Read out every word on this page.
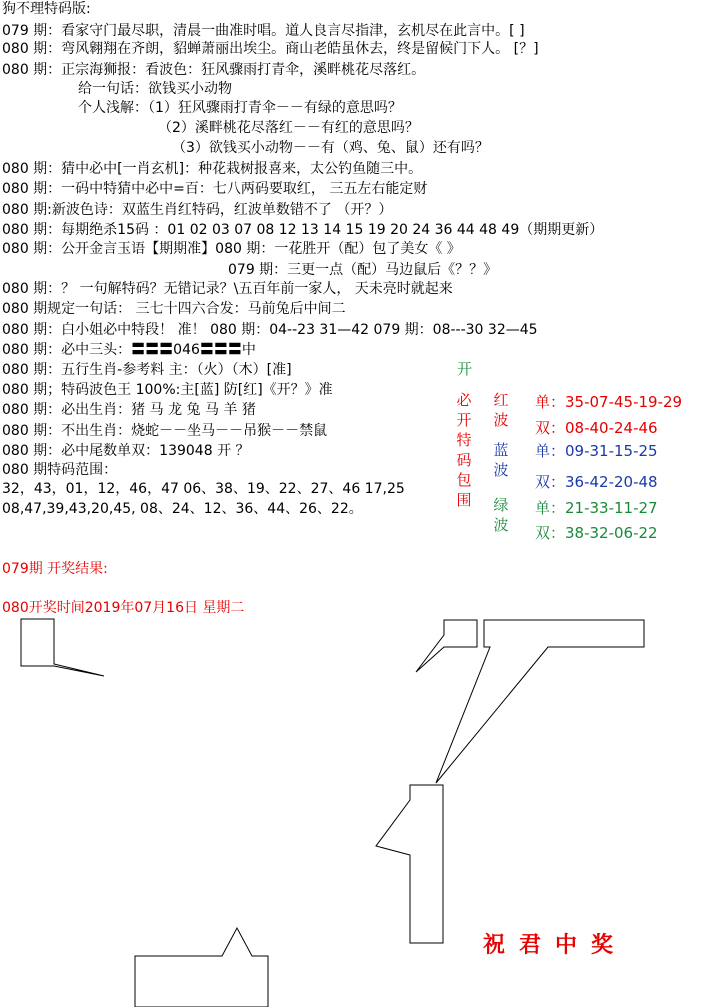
狗不理特码版:
079 期：看家守门最尽职，清晨一曲准时唱。道人良言尽指津，玄机尽在此言中。[ ]
080 期：弯风翱翔在齐朗，貂蝉萧丽出埃尘。商山老皓虽休去，终是留候门下人。 [？]
080 期：正宗海狮报：看波色：狂风骤雨打青伞，溪畔桃花尽落红。
给一句话：欲钱买小动物
个人浅解：（1）狂风骤雨打青伞－－有绿的意思吗？
（2）溪畔桃花尽落红－－有红的意思吗？
（3）欲钱买小动物－－有（鸡、兔、鼠）还有吗？
080 期：猜中必中[一肖玄机]：种花栽树报喜来，太公钓鱼随三中。
080 期：一码中特猜中必中=百：七八两码要取红， 三五左右能定财
080 期:新波色诗：双蓝生肖红特码，红波单数错不了 （开？）
080 期：每期绝杀15码 ：01 02 03 07 08 12 13 14 15 19 20 24 36 44 48 49（期期更新）
080 期：公开金言玉语【期期准】080 期：一花胜开（配）包了美女《 》
079 期：三更一点（配）马边鼠后《？？》
080 期：？ 一句解特码？无错记录？\五百年前一家人， 天未亮时就起来
080 期规定一句话： 三七十四六合发：马前兔后中间二
080 期：白小姐必中特段！ 准！ 080 期：04--23 31—42 079 期：08---30 32—45
080 期：必中三头：〓〓〓046〓〓〓中
080 期：五行生肖-参考料 主：（火）（木）[准]
080 期；特码波色王 100%:主[蓝] 防[红]《开？》准
080 期：必出生肖：猪 马 龙 兔 马 羊 猪
080 期：不出生肖：烧蛇－－坐马－－吊猴－－禁鼠
080 期：必中尾数单双：139048 开 ？
080 期特码范围：
32，43，01，12，46，47 06、38、19、22、27、46 17,25
08,47,39,43,20,45, 08、24、12、36、44、26、22。
开
必开特码包围
红波
蓝波
绿波
单：35-07-45-19-29
双：08-40-24-46
单：09-31-15-25
双：36-42-20-48
单：21-33-11-27
双：38-32-06-22
079期 开奖结果:
080开奖时间2019年07月16日 星期二
祝君中奖
